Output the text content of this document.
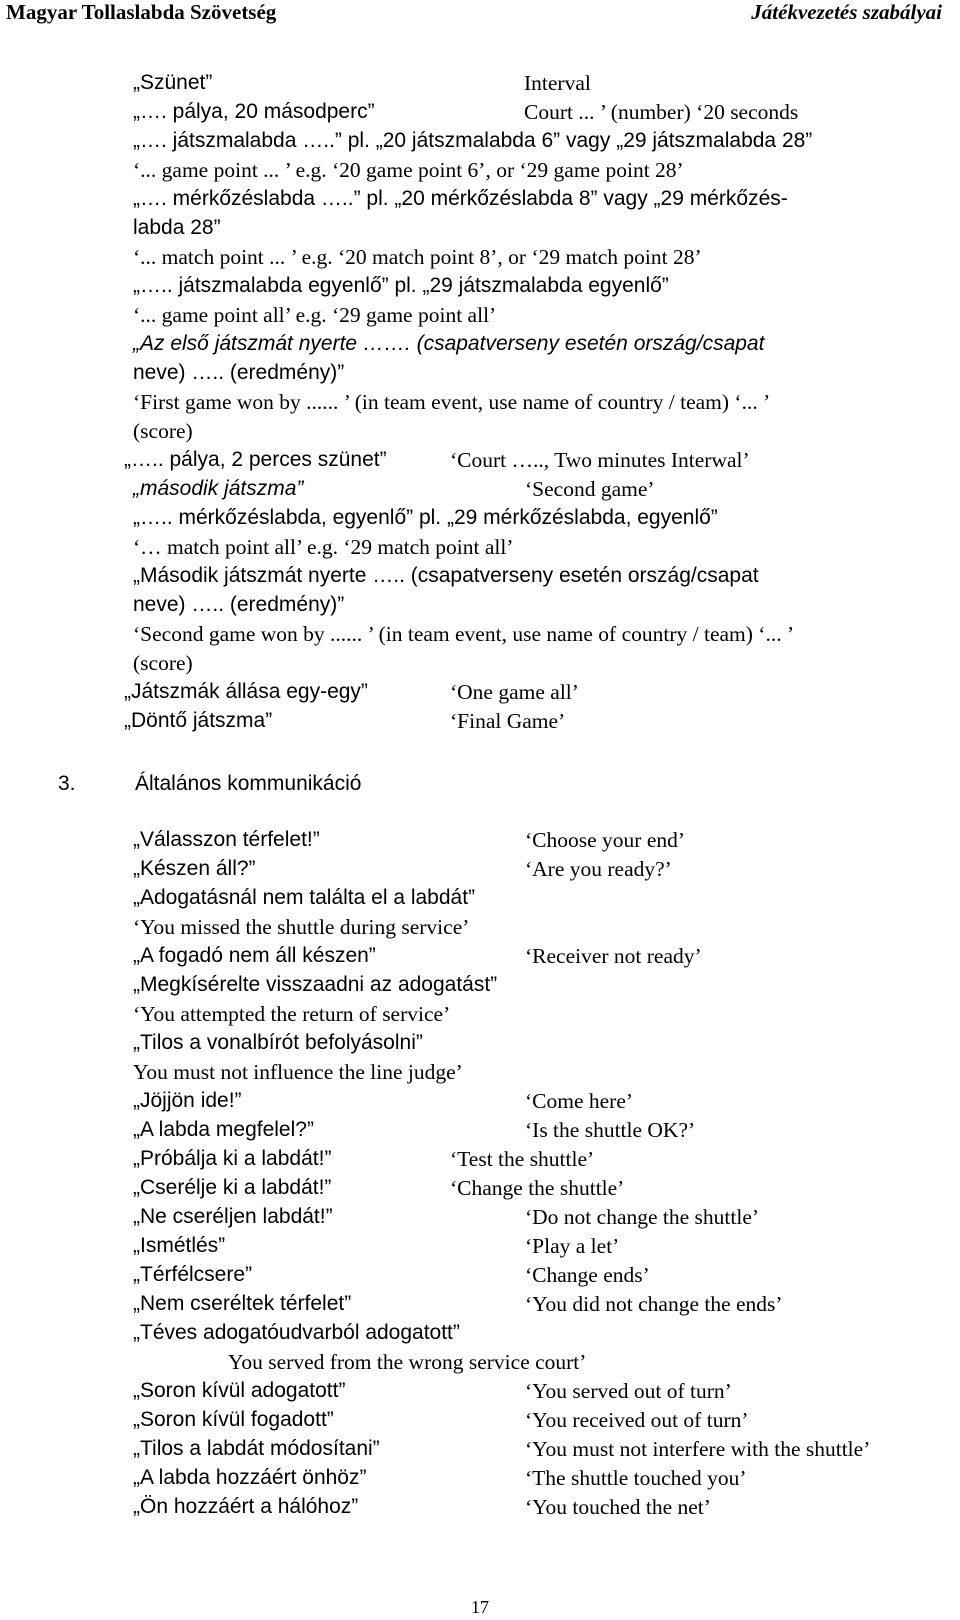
Magyar Tollaslabda Szövetség	Játékvezetés szabályai
„Szünet”	Interval
„…. pálya, 20 másodperc”	Court ... ’ (number) ‘20 seconds
„…. játszmalabda …..” pl. „20 játszmalabda 6” vagy „29 játszmalabda 28”
‘... game point ... ’ e.g. ‘20 game point 6’, or ‘29 game point 28’
„…. mérkőzéslabda …..” pl. „20 mérkőzéslabda 8” vagy „29 mérkőzés-
labda 28”
‘... match point ... ’ e.g. ‘20 match point 8’, or ‘29 match point 28’
„….. játszmalabda egyenlő” pl. „29 játszmalabda egyenlő”
‘... game point all’ e.g. ‘29 game point all’
„Az első játszmát nyerte ……. (csapatverseny esetén ország/csapat
neve) ….. (eredmény)”
‘First game won by ...... ’ (in team event, use name of country / team) ‘... ’
(score)
„….. pálya, 2 perces szünet”	‘Court ….., Two minutes Interwal’
„második játszma”	‘Second game’
„….. mérkőzéslabda, egyenlő” pl. „29 mérkőzéslabda, egyenlő”
‘… match point all’ e.g. ‘29 match point all’
„Második játszmát nyerte ….. (csapatverseny esetén ország/csapat
neve) ….. (eredmény)”
‘Second game won by ...... ’ (in team event, use name of country / team) ‘... ’
(score)
„Játszmák állása egy-egy”	‘One game all’
„Döntő játszma”	‘Final Game’
3.	Általános kommunikáció
„Válasszon térfelet!”	‘Choose your end’
„Készen áll?”	‘Are you ready?’
„Adogatásnál nem találta el a labdát”
‘You missed the shuttle during service’
„A fogadó nem áll készen”	‘Receiver not ready’
„Megkísérelte visszaadni az adogatást”
‘You attempted the return of service’
„Tilos a vonalbírót befolyásolni”
You must not influence the line judge’
„Jöjjön ide!”	‘Come here’
„A labda megfelel?”	‘Is the shuttle OK?’
„Próbálja ki a labdát!”	‘Test the shuttle’
„Cserélje ki a labdát!”	‘Change the shuttle’
„Ne cseréljen labdát!”	‘Do not change the shuttle’
„Ismétlés”	‘Play a let’
„Térfélcsere”	‘Change ends’
„Nem cseréltek térfelet”	‘You did not change the ends’
„Téves adogatóudvarból adogatott”
You served from the wrong service court’
„Soron kívül adogatott”	‘You served out of turn’
„Soron kívül fogadott”	‘You received out of turn’
„Tilos a labdát módosítani”	‘You must not interfere with the shuttle’
„A labda hozzáért önhöz”	‘The shuttle touched you’
„Ön hozzáért a hálóhoz”	‘You touched the net’
17
